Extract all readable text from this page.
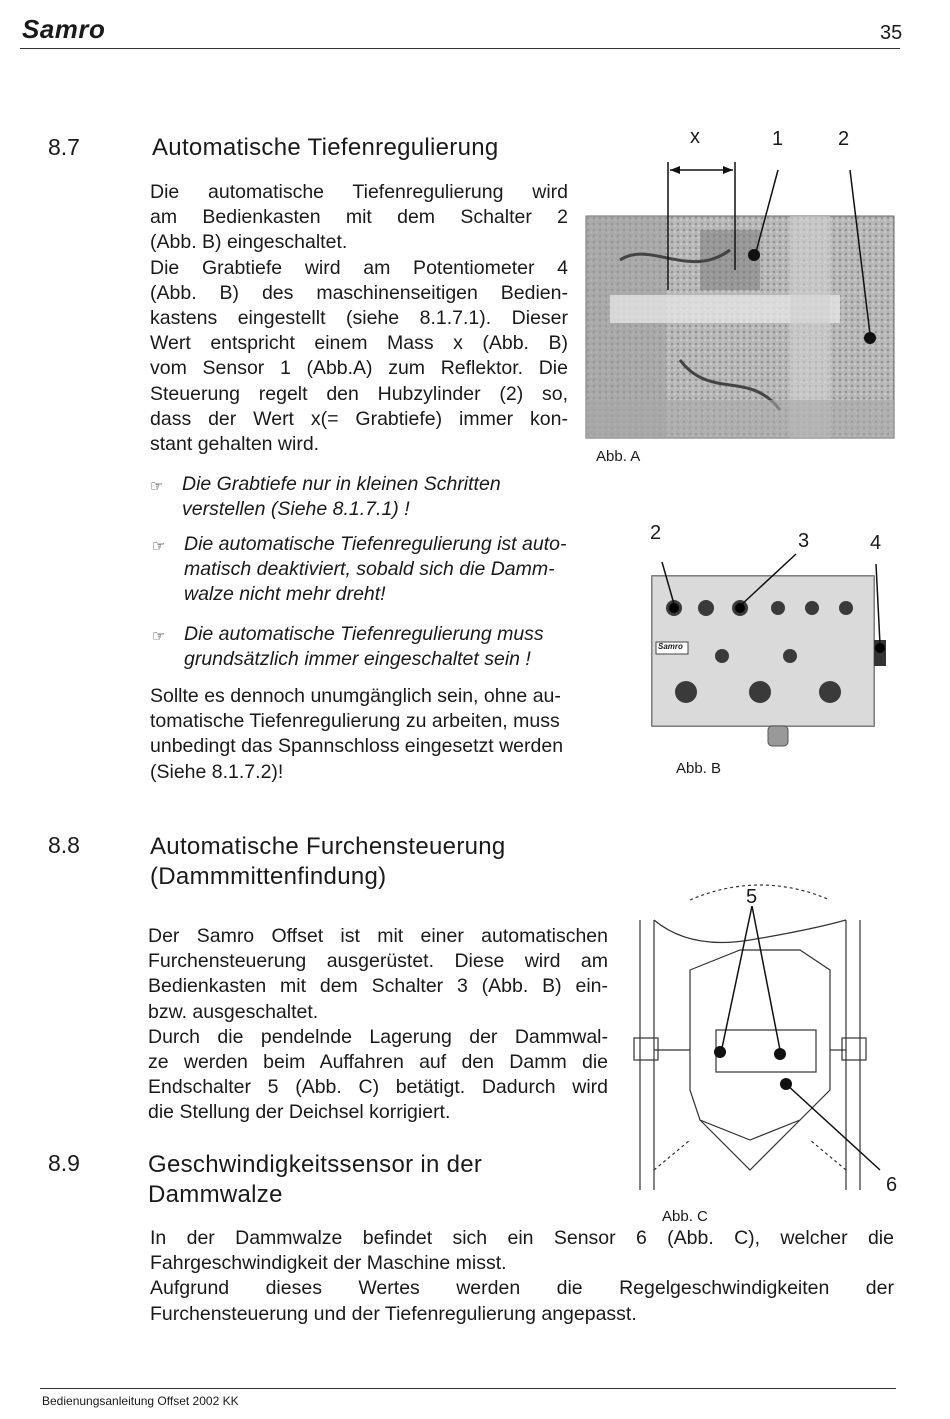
Samro	35
8.7	Automatische Tiefenregulierung
Die automatische Tiefenregulierung wird
am Bedienkasten mit dem Schalter 2
(Abb. B) eingeschaltet.
Die Grabtiefe wird am Potentiometer 4
(Abb. B) des maschinenseitigen Bedien-
kastens eingestellt (siehe 8.1.7.1). Dieser
Wert entspricht einem Mass x (Abb. B)
vom Sensor 1 (Abb.A) zum Reflektor. Die
Steuerung regelt den Hubzylinder (2) so,
dass der Wert x(= Grabtiefe) immer kon-
stant gehalten wird.
☞ Die Grabtiefe nur in kleinen Schritten
verstellen (Siehe 8.1.7.1) !
☞ Die automatische Tiefenregulierung ist auto-
matisch deaktiviert, sobald sich die Damm-
walze nicht mehr dreht!
☞ Die automatische Tiefenregulierung muss
grundsätzlich immer eingeschaltet sein !
Sollte es dennoch unumgänglich sein, ohne au-
tomatische Tiefenregulierung zu arbeiten, muss
unbedingt das Spannschloss eingesetzt werden
(Siehe 8.1.7.2)!
x	1	2
Abb. A
Samro
2	3	4
Abb. B
8.8	Automatische Furchensteuerung
(Dammmittenfindung)
Der Samro Offset ist mit einer automatischen
Furchensteuerung ausgerüstet. Diese wird am
Bedienkasten mit dem Schalter 3 (Abb. B) ein-
bzw. ausgeschaltet.
Durch die pendelnde Lagerung der Dammwal-
ze werden beim Auffahren auf den Damm die
Endschalter 5 (Abb. C) betätigt. Dadurch wird
die Stellung der Deichsel korrigiert.
5
6
Abb. C
8.9	Geschwindigkeitssensor in der
Dammwalze
In der Dammwalze befindet sich ein Sensor 6 (Abb. C), welcher die
Fahrgeschwindigkeit der Maschine misst.
Aufgrund dieses Wertes werden die Regelgeschwindigkeiten der
Furchensteuerung und der Tiefenregulierung angepasst.
Bedienungsanleitung Offset 2002 KK
